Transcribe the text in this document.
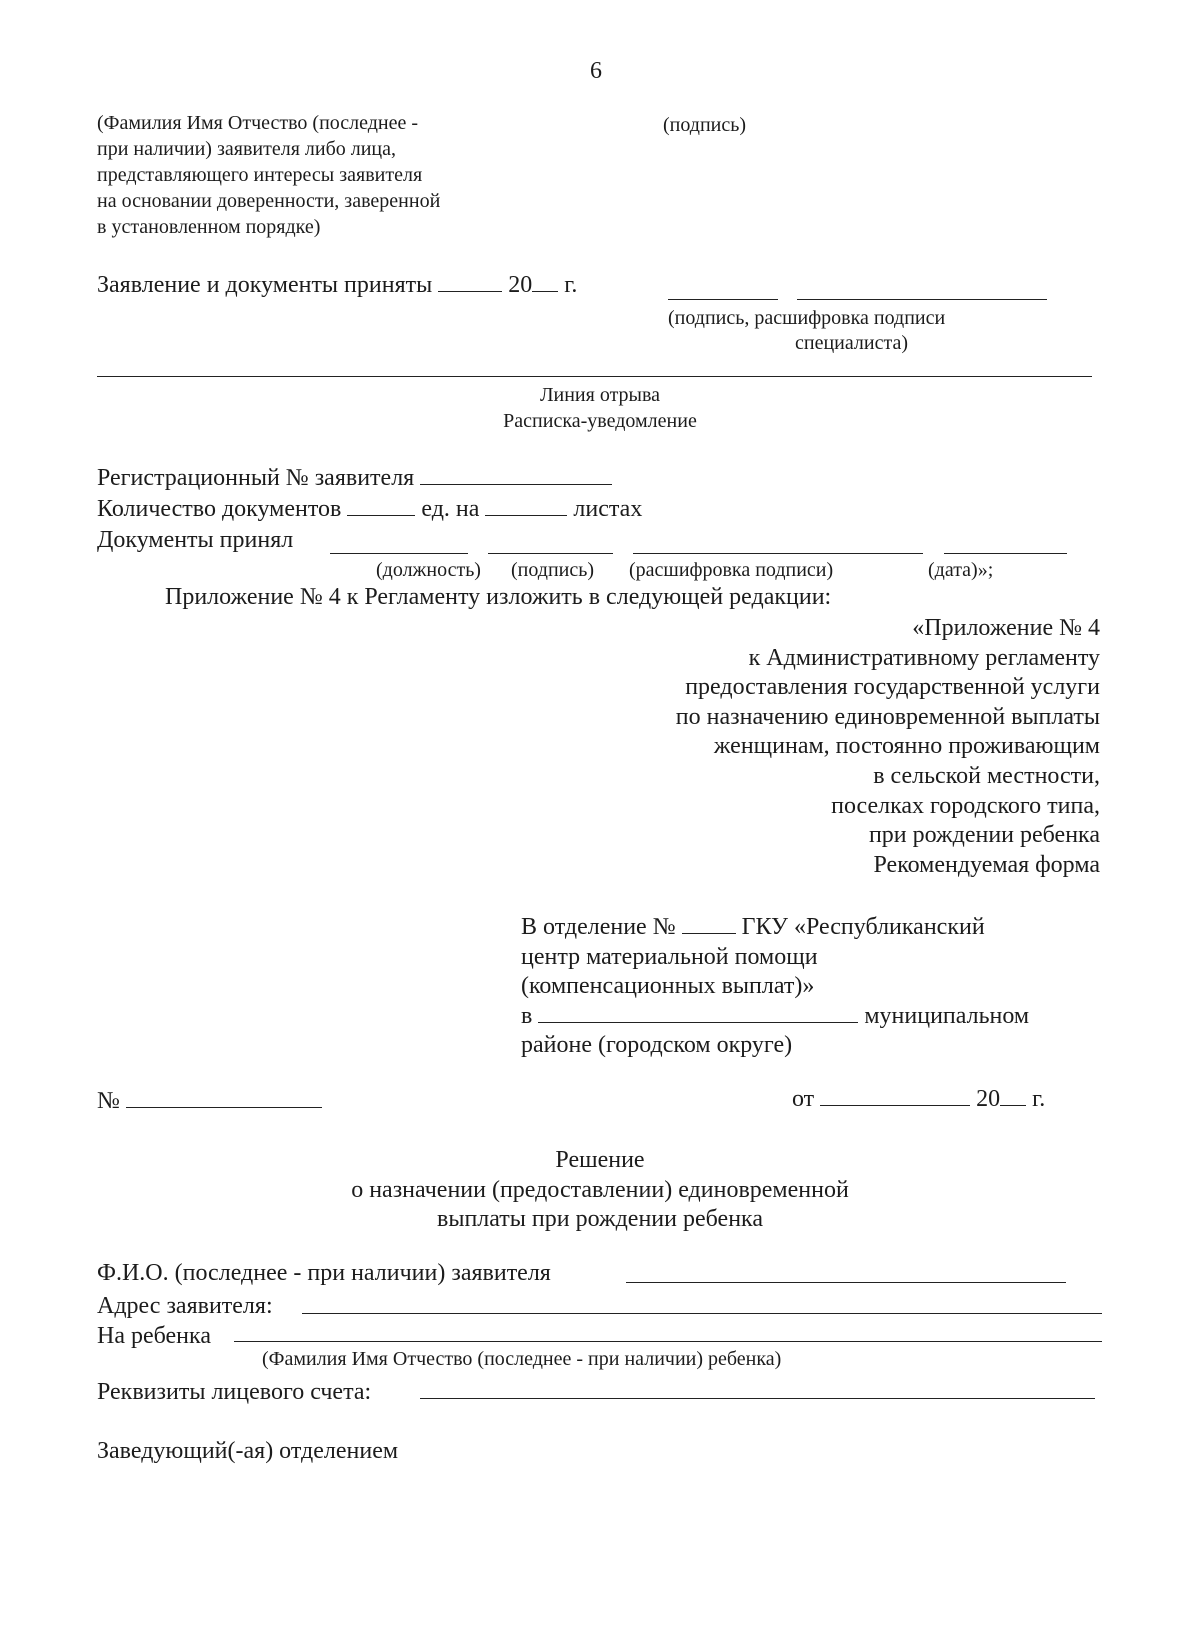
6
(Фамилия Имя Отчество (последнее -
при наличии) заявителя либо лица,
представляющего интересы заявителя
на основании доверенности, заверенной
в установленном порядке)
(подпись)
Заявление и документы приняты	20 г.
(подпись, расшифровка подписи
специалиста)
Линия отрыва
Расписка-уведомление
Регистрационный № заявителя
Количество документов	ед. на	листах
Документы принял
(должность) (подпись) (расшифровка подписи)	(дата)»;
Приложение № 4 к Регламенту изложить в следующей редакции:
«Приложение № 4
к Административному регламенту
предоставления государственной услуги
по назначению единовременной выплаты
женщинам, постоянно проживающим
в сельской местности,
поселках городского типа,
при рождении ребенка
Рекомендуемая форма
В отделение №	ГКУ «Республиканский
центр материальной помощи
(компенсационных выплат)»
в	муниципальном
районе (городском округе)
№	от	20 г.
Решение
о назначении (предоставлении) единовременной
выплаты при рождении ребенка
Ф.И.О. (последнее - при наличии) заявителя
Адрес заявителя:
На ребенка
(Фамилия Имя Отчество (последнее - при наличии) ребенка)
Реквизиты лицевого счета:
Заведующий(-ая) отделением
